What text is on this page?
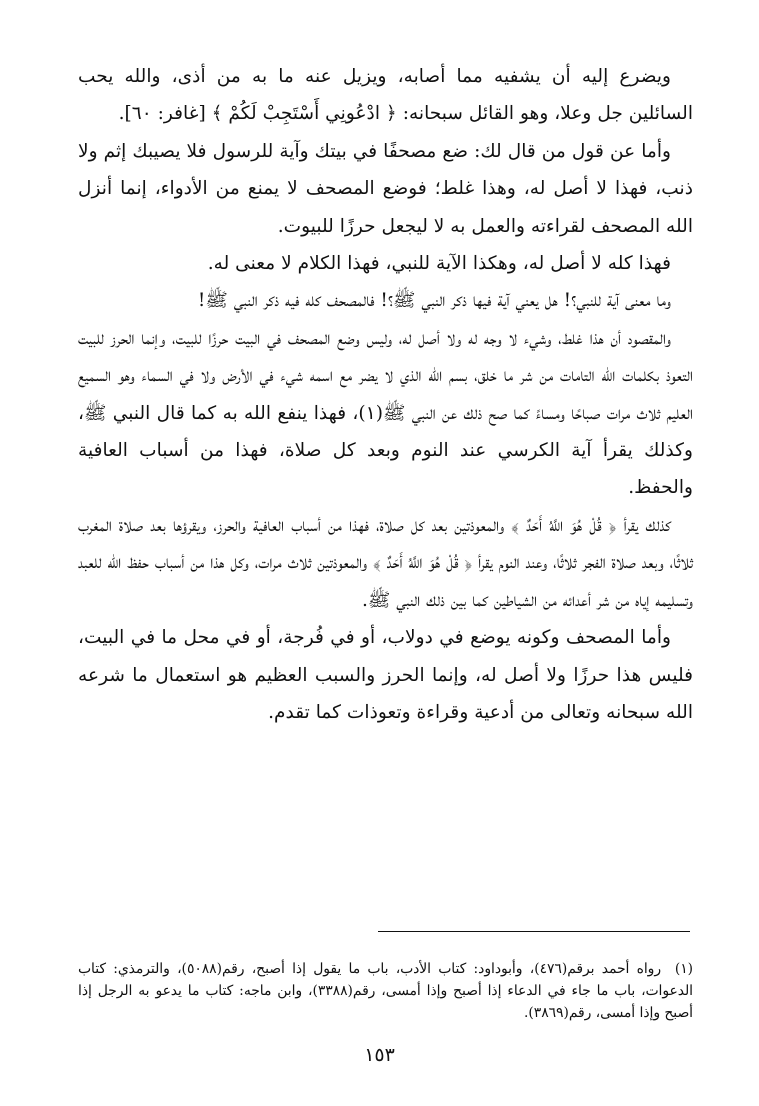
ويضرع إليه أن يشفيه مما أصابه، ويزيل عنه ما به من أذى، والله يحب السائلين جل وعلا، وهو القائل سبحانه: ﴿ ادْعُونِي أَسْتَجِبْ لَكُمْ ﴾ [غافر: ٦٠].

وأما عن قول من قال لك: ضع مصحفًا في بيتك وآية للرسول فلا يصيبك إثم ولا ذنب، فهذا لا أصل له، وهذا غلط؛ فوضع المصحف لا يمنع من الأدواء، إنما أنزل الله المصحف لقراءته والعمل به لا ليجعل حرزًا للبيوت.

فهذا كله لا أصل له، وهكذا الآية للنبي، فهذا الكلام لا معنى له.

وما معنى آية للنبي؟! هل يعني آية فيها ذكر النبي ﷺ؟! فالمصحف كله فيه ذكر النبي ﷺ!

والمقصود أن هذا غلط، وشيء لا وجه له ولا أصل له، وليس وضع المصحف في البيت حرزًا للبيت، وإنما الحرز للبيت التعوذ بكلمات الله التامات من شر ما خلق، بسم الله الذي لا يضر مع اسمه شيء في الأرض ولا في السماء وهو السميع العليم ثلاث مرات صباحًا ومساءً كما صح ذلك عن النبي ﷺ(١)، فهذا ينفع الله به كما قال النبي ﷺ، وكذلك يقرأ آية الكرسي عند النوم وبعد كل صلاة، فهذا من أسباب العافية والحفظ.

كذلك يقرأ ﴿ قُلْ هُوَ اللَّهُ أَحَدٌ ﴾ والمعوذتين بعد كل صلاة، فهذا من أسباب العافية والحرز، ويقرؤها بعد صلاة المغرب ثلاثًا، وبعد صلاة الفجر ثلاثًا، وعند النوم يقرأ ﴿ قُلْ هُوَ اللَّهُ أَحَدٌ ﴾ والمعوذتين ثلاث مرات، وكل هذا من أسباب حفظ الله للعبد وتسليمه إياه من شر أعدائه من الشياطين كما بين ذلك النبي ﷺ.

وأما المصحف وكونه يوضع في دولاب، أو في فُرجة، أو في محل ما في البيت، فليس هذا حرزًا ولا أصل له، وإنما الحرز والسبب العظيم هو استعمال ما شرعه الله سبحانه وتعالى من أدعية وقراءة وتعوذات كما تقدم.

(١)رواه أحمد برقم(٤٧٦)، وأبوداود: كتاب الأدب، باب ما يقول إذا أصبح، رقم(٥٠٨٨)، والترمذي: كتاب الدعوات، باب ما جاء في الدعاء إذا أصبح وإذا أمسى، رقم(٣٣٨٨)، وابن ماجه: كتاب ما يدعو به الرجل إذا أصبح وإذا أمسى، رقم(٣٨٦٩).

١٥٣
